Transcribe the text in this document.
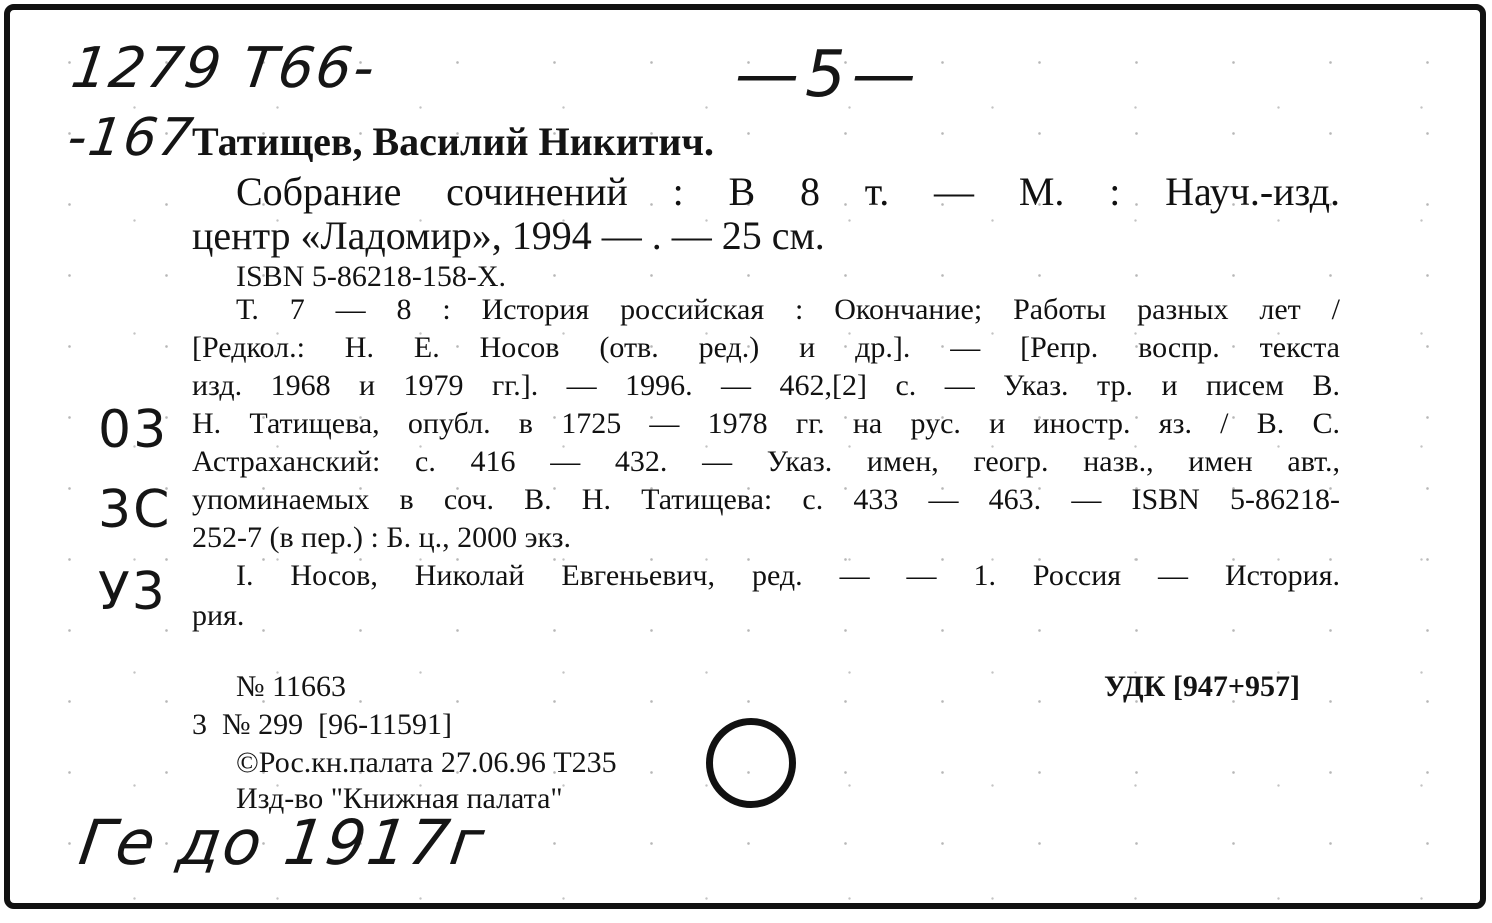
1279 T66-
-167
—5—
03
3C
У3
Татищев, Василий Никитич.
Собрание сочинений : В 8 т. — М. : Науч.-изд.
центр «Ладомир», 1994 — . — 25 см.
ISBN 5-86218-158-X.
Т. 7 — 8 : История российская : Окончание; Работы разных лет /
[Редкол.: Н. Е. Носов (отв. ред.) и др.]. — [Репр. воспр. текста
изд. 1968 и 1979 гг.]. — 1996. — 462,[2] с. — Указ. тр. и писем В.
Н. Татищева, опубл. в 1725 — 1978 гг. на рус. и иностр. яз. / В. С.
Астраханский: с. 416 — 432. — Указ. имен, геогр. назв., имен авт.,
упоминаемых в соч. В. Н. Татищева: с. 433 — 463. — ISBN 5-86218-
252-7 (в пер.) : Б. ц., 2000 экз.
I. Носов, Николай Евгеньевич, ред. — — 1. Россия — История.
рия.
№ 11663	УДК [947+957]
3  № 299  [96-11591]
©Рос.кн.палата 27.06.96 Т235
Изд-во "Книжная палата"
Ге до 1917г
